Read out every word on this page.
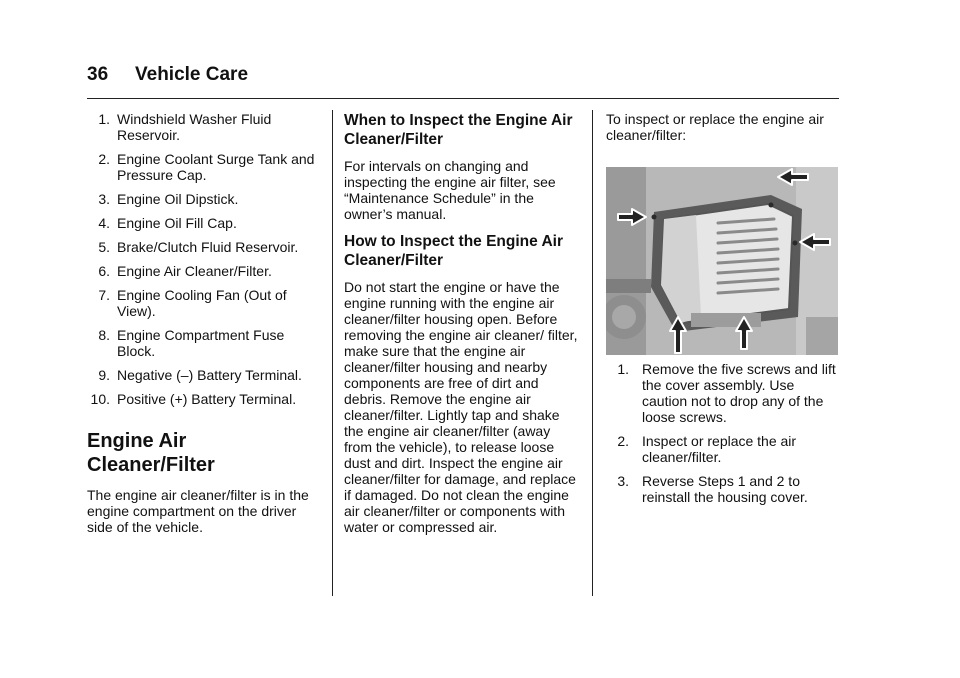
36 Vehicle Care
1. Windshield Washer Fluid Reservoir.
2. Engine Coolant Surge Tank and Pressure Cap.
3. Engine Oil Dipstick.
4. Engine Oil Fill Cap.
5. Brake/Clutch Fluid Reservoir.
6. Engine Air Cleaner/Filter.
7. Engine Cooling Fan (Out of View).
8. Engine Compartment Fuse Block.
9. Negative (–) Battery Terminal.
10. Positive (+) Battery Terminal.
Engine Air Cleaner/Filter

The engine air cleaner/filter is in the engine compartment on the driver side of the vehicle.

When to Inspect the Engine Air Cleaner/Filter

For intervals on changing and inspecting the engine air filter, see “Maintenance Schedule” in the owner’s manual.

How to Inspect the Engine Air Cleaner/Filter

Do not start the engine or have the engine running with the engine air cleaner/filter housing open. Before removing the engine air cleaner/ filter, make sure that the engine air cleaner/filter housing and nearby components are free of dirt and debris. Remove the engine air cleaner/filter. Lightly tap and shake the engine air cleaner/filter (away from the vehicle), to release loose dust and dirt. Inspect the engine air cleaner/filter for damage, and replace if damaged. Do not clean the engine air cleaner/filter or components with water or compressed air.

To inspect or replace the engine air cleaner/filter:

1. Remove the five screws and lift the cover assembly. Use caution not to drop any of the loose screws.
2. Inspect or replace the air cleaner/filter.
3. Reverse Steps 1 and 2 to reinstall the housing cover.
